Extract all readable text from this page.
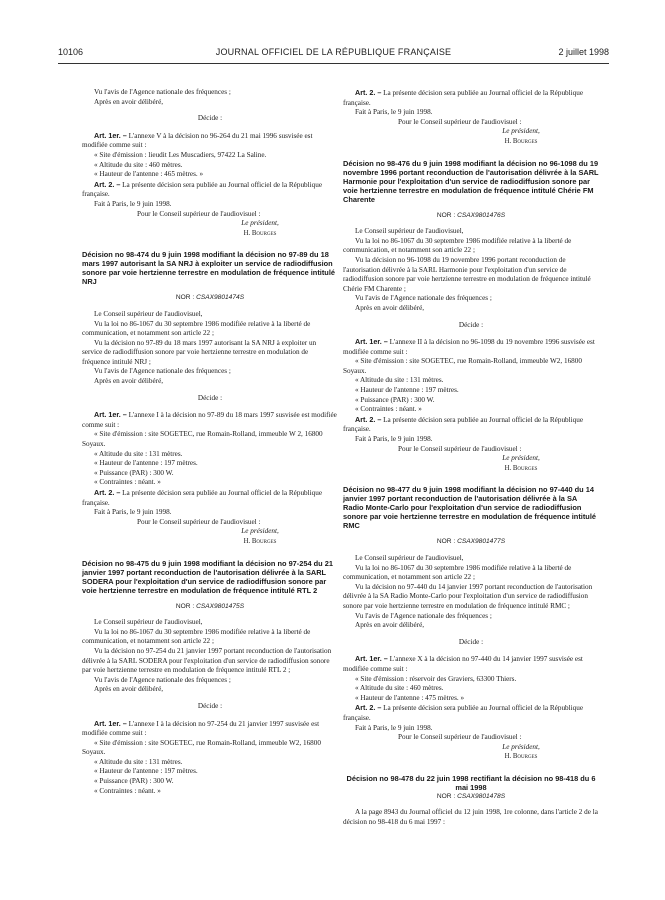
10106	JOURNAL OFFICIEL DE LA RÉPUBLIQUE FRANÇAISE	2 juillet 1998

Vu l'avis de l'Agence nationale des fréquences ;

Après en avoir délibéré,

Décide :

Art. 1er. – L'annexe V à la décision no 96-264 du 21 mai 1996 susvisée est modifiée comme suit :

« Site d'émission : lieudit Les Muscadiers, 97422 La Saline.

« Altitude du site : 460 mètres.

« Hauteur de l'antenne : 465 mètres. »

Art. 2. – La présente décision sera publiée au Journal officiel de la République française.

Fait à Paris, le 9 juin 1998.

Pour le Conseil supérieur de l'audiovisuel :

Le président,

H. Bourges

Décision no 98-474 du 9 juin 1998 modifiant la décision no 97-89 du 18 mars 1997 autorisant la SA NRJ à exploiter un service de radiodiffusion sonore par voie hertzienne terrestre en modulation de fréquence intitulé NRJ

NOR : CSAX9801474S

Le Conseil supérieur de l'audiovisuel,

Vu la loi no 86-1067 du 30 septembre 1986 modifiée relative à la liberté de communication, et notamment son article 22 ;

Vu la décision no 97-89 du 18 mars 1997 autorisant la SA NRJ à exploiter un service de radiodiffusion sonore par voie hertzienne terrestre en modulation de fréquence intitulé NRJ ;

Vu l'avis de l'Agence nationale des fréquences ;

Après en avoir délibéré,

Décide :

Art. 1er. – L'annexe I à la décision no 97-89 du 18 mars 1997 susvisée est modifiée comme suit :

« Site d'émission : site SOGETEC, rue Romain-Rolland, immeuble W 2, 16800 Soyaux.

« Altitude du site : 131 mètres.

« Hauteur de l'antenne : 197 mètres.

« Puissance (PAR) : 300 W.

« Contraintes : néant. »

Art. 2. – La présente décision sera publiée au Journal officiel de la République française.

Fait à Paris, le 9 juin 1998.

Pour le Conseil supérieur de l'audiovisuel :

Le président,

H. Bourges

Décision no 98-475 du 9 juin 1998 modifiant la décision no 97-254 du 21 janvier 1997 portant reconduction de l'autorisation délivrée à la SARL SODERA pour l'exploitation d'un service de radiodiffusion sonore par voie hertzienne terrestre en modulation de fréquence intitulé RTL 2

NOR : CSAX9801475S

Le Conseil supérieur de l'audiovisuel,

Vu la loi no 86-1067 du 30 septembre 1986 modifiée relative à la liberté de communication, et notamment son article 22 ;

Vu la décision no 97-254 du 21 janvier 1997 portant reconduction de l'autorisation délivrée à la SARL SODERA pour l'exploitation d'un service de radiodiffusion sonore par voie hertzienne terrestre en modulation de fréquence intitulé RTL 2 ;

Vu l'avis de l'Agence nationale des fréquences ;

Après en avoir délibéré,

Décide :

Art. 1er. – L'annexe I à la décision no 97-254 du 21 janvier 1997 susvisée est modifiée comme suit :

« Site d'émission : site SOGETEC, rue Romain-Rolland, immeuble W2, 16800 Soyaux.

« Altitude du site : 131 mètres.

« Hauteur de l'antenne : 197 mètres.

« Puissance (PAR) : 300 W.

« Contraintes : néant. »

Art. 2. – La présente décision sera publiée au Journal officiel de la République française.

Fait à Paris, le 9 juin 1998.

Pour le Conseil supérieur de l'audiovisuel :

Le président,

H. Bourges

Décision no 98-476 du 9 juin 1998 modifiant la décision no 96-1098 du 19 novembre 1996 portant reconduction de l'autorisation délivrée à la SARL Harmonie pour l'exploitation d'un service de radiodiffusion sonore par voie hertzienne terrestre en modulation de fréquence intitulé Chérie FM Charente

NOR : CSAX9801476S

Le Conseil supérieur de l'audiovisuel,

Vu la loi no 86-1067 du 30 septembre 1986 modifiée relative à la liberté de communication, et notamment son article 22 ;

Vu la décision no 96-1098 du 19 novembre 1996 portant reconduction de l'autorisation délivrée à la SARL Harmonie pour l'exploitation d'un service de radiodiffusion sonore par voie hertzienne terrestre en modulation de fréquence intitulé Chérie FM Charente ;

Vu l'avis de l'Agence nationale des fréquences ;

Après en avoir délibéré,

Décide :

Art. 1er. – L'annexe II à la décision no 96-1098 du 19 novembre 1996 susvisée est modifiée comme suit :

« Site d'émission : site SOGETEC, rue Romain-Rolland, immeuble W2, 16800 Soyaux.

« Altitude du site : 131 mètres.

« Hauteur de l'antenne : 197 mètres.

« Puissance (PAR) : 300 W.

« Contraintes : néant. »

Art. 2. – La présente décision sera publiée au Journal officiel de la République française.

Fait à Paris, le 9 juin 1998.

Pour le Conseil supérieur de l'audiovisuel :

Le président,

H. Bourges

Décision no 98-477 du 9 juin 1998 modifiant la décision no 97-440 du 14 janvier 1997 portant reconduction de l'autorisation délivrée à la SA Radio Monte-Carlo pour l'exploitation d'un service de radiodiffusion sonore par voie hertzienne terrestre en modulation de fréquence intitulé RMC

NOR : CSAX9801477S

Le Conseil supérieur de l'audiovisuel,

Vu la loi no 86-1067 du 30 septembre 1986 modifiée relative à la liberté de communication, et notamment son article 22 ;

Vu la décision no 97-440 du 14 janvier 1997 portant reconduction de l'autorisation délivrée à la SA Radio Monte-Carlo pour l'exploitation d'un service de radiodiffusion sonore par voie hertzienne terrestre en modulation de fréquence intitulé RMC ;

Vu l'avis de l'Agence nationale des fréquences ;

Après en avoir délibéré,

Décide :

Art. 1er. – L'annexe X à la décision no 97-440 du 14 janvier 1997 susvisée est modifiée comme suit :

« Site d'émission : réservoir des Graviers, 63300 Thiers.

« Altitude du site : 460 mètres.

« Hauteur de l'antenne : 475 mètres. »

Art. 2. – La présente décision sera publiée au Journal officiel de la République française.

Fait à Paris, le 9 juin 1998.

Pour le Conseil supérieur de l'audiovisuel :

Le président,

H. Bourges

Décision no 98-478 du 22 juin 1998 rectifiant la décision no 98-418 du 6 mai 1998

NOR : CSAX9801478S

A la page 8943 du Journal officiel du 12 juin 1998, 1re colonne, dans l'article 2 de la décision no 98-418 du 6 mai 1997 :
